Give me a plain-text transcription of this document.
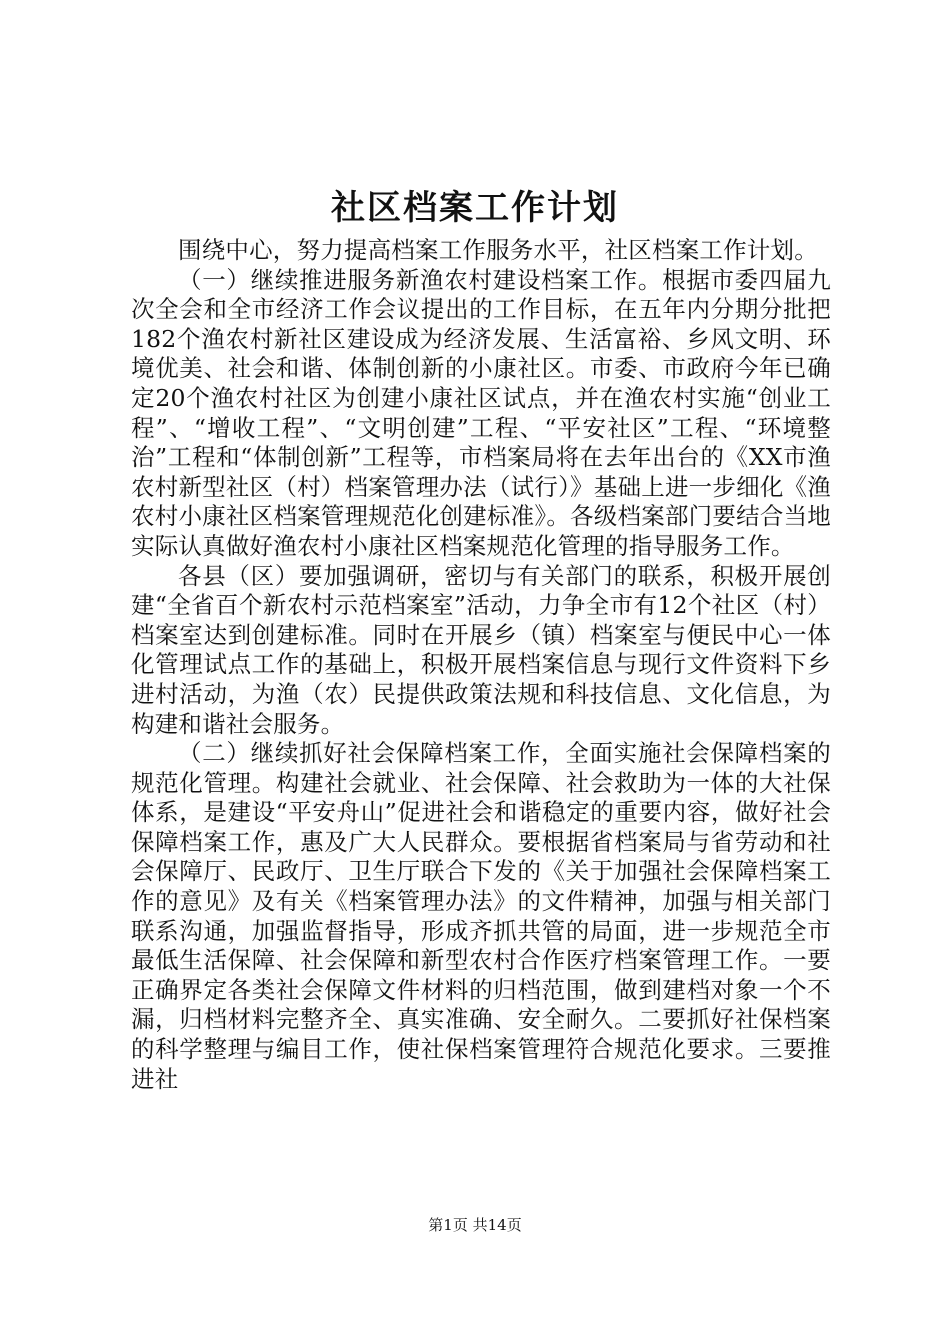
社区档案工作计划

围绕中心，努力提高档案工作服务水平，社区档案工作计划。

（一）继续推进服务新渔农村建设档案工作。根据市委四届九次全会和全市经济工作会议提出的工作目标，在五年内分期分批把182个渔农村新社区建设成为经济发展、生活富裕、乡风文明、环境优美、社会和谐、体制创新的小康社区。市委、市政府今年已确定20个渔农村社区为创建小康社区试点，并在渔农村实施“创业工程”、“增收工程”、“文明创建”工程、“平安社区”工程、“环境整治”工程和“体制创新”工程等，市档案局将在去年出台的《XX市渔农村新型社区（村）档案管理办法（试行）》基础上进一步细化《渔农村小康社区档案管理规范化创建标准》。各级档案部门要结合当地实际认真做好渔农村小康社区档案规范化管理的指导服务工作。

各县（区）要加强调研，密切与有关部门的联系，积极开展创建“全省百个新农村示范档案室”活动，力争全市有12个社区（村）档案室达到创建标准。同时在开展乡（镇）档案室与便民中心一体化管理试点工作的基础上，积极开展档案信息与现行文件资料下乡进村活动，为渔（农）民提供政策法规和科技信息、文化信息，为构建和谐社会服务。

（二）继续抓好社会保障档案工作，全面实施社会保障档案的规范化管理。构建社会就业、社会保障、社会救助为一体的大社保体系，是建设“平安舟山”促进社会和谐稳定的重要内容，做好社会保障档案工作，惠及广大人民群众。要根据省档案局与省劳动和社会保障厅、民政厅、卫生厅联合下发的《关于加强社会保障档案工作的意见》及有关《档案管理办法》的文件精神，加强与相关部门联系沟通，加强监督指导，形成齐抓共管的局面，进一步规范全市最低生活保障、社会保障和新型农村合作医疗档案管理工作。一要正确界定各类社会保障文件材料的归档范围，做到建档对象一个不漏，归档材料完整齐全、真实准确、安全耐久。二要抓好社保档案的科学整理与编目工作，使社保档案管理符合规范化要求。三要推进社

第1页 共14页
